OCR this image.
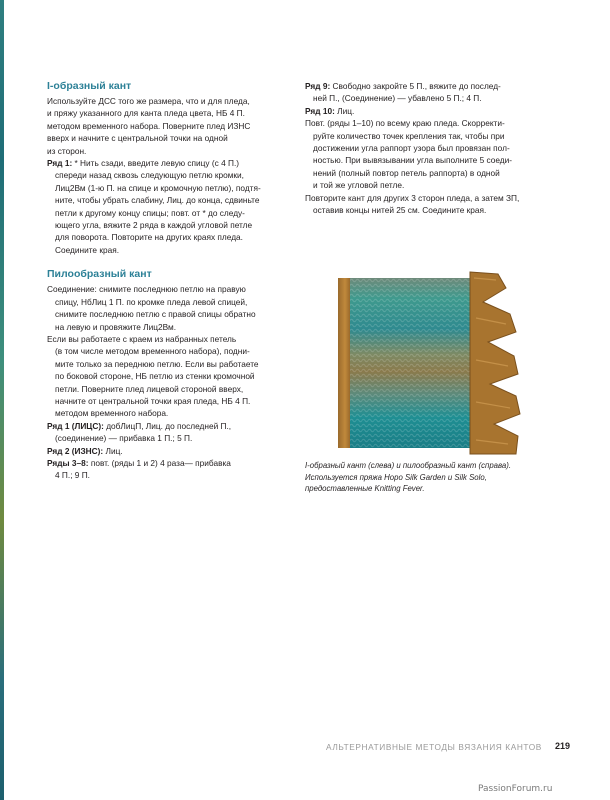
I-образный кант

Используйте ДСС того же размера, что и для пледа,

и пряжу указанного для канта пледа цвета, НБ 4 П.

методом временного набора. Поверните плед ИЗНС

вверх и начните с центральной точки на одной

из сторон.

Ряд 1: * Нить сзади, введите левую спицу (с 4 П.)

спереди назад сквозь следующую петлю кромки,

Лиц2Вм (1-ю П. на спице и кромочную петлю), подтя-

ните, чтобы убрать слабину, Лиц. до конца, сдвиньте

петли к другому концу спицы; повт. от * до следу-

ющего угла, вяжите 2 ряда в каждой угловой петле

для поворота. Повторите на других краях пледа.

Соедините края.

Пилообразный кант

Соединение: снимите последнюю петлю на правую

спицу, НбЛиц 1 П. по кромке пледа левой спицей,

снимите последнюю петлю с правой спицы обратно

на левую и провяжите Лиц2Вм.

Если вы работаете с краем из набранных петель

(в том числе методом временного набора), подни-

мите только за переднюю петлю. Если вы работаете

по боковой стороне, НБ петлю из стенки кромочной

петли. Поверните плед лицевой стороной вверх,

начните от центральной точки края пледа, НБ 4 П.

методом временного набора.

Ряд 1 (ЛИЦС): добЛицП, Лиц. до последней П.,

(соединение) — прибавка 1 П.; 5 П.

Ряд 2 (ИЗНС): Лиц.

Ряды 3–8: повт. (ряды 1 и 2) 4 раза— прибавка

4 П.; 9 П.

Ряд 9: Свободно закройте 5 П., вяжите до послед-

ней П., (Соединение) — убавлено 5 П.; 4 П.

Ряд 10: Лиц.

Повт. (ряды 1–10) по всему краю пледа. Скорректи-

руйте количество точек крепления так, чтобы при

достижении угла раппорт узора был провязан пол-

ностью. При вывязывании угла выполните 5 соеди-

нений (полный повтор петель раппорта) в одной

и той же угловой петле.

Повторите кант для других 3 сторон пледа, а затем ЗП,

оставив концы нитей 25 см. Соедините края.

I-образный кант (слева) и пилообразный кант (справа).

Используется пряжа Hopo Silk Garden и Silk Solo,

предоставленные Knitting Fever.

АЛЬТЕРНАТИВНЫЕ МЕТОДЫ ВЯЗАНИЯ КАНТОВ 219
PassionForum.ru
